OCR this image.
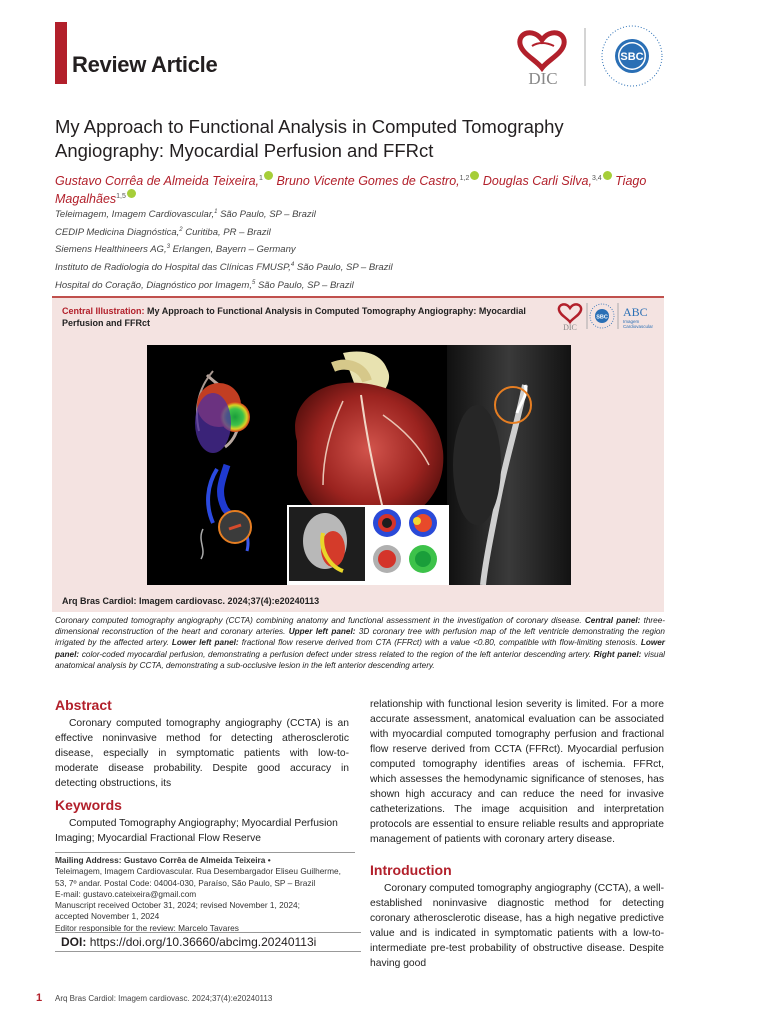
Review Article
DIC
SBC
My Approach to Functional Analysis in Computed Tomography Angiography: Myocardial Perfusion and FFRct
Gustavo Corrêa de Almeida Teixeira,$^1$ Bruno Vicente Gomes de Castro,$^{1,2}$ Douglas Carli Silva,$^{3,4}$ Tiago Magalhães$^{1,5}$
Teleimagem, Imagem Cardiovascular,$^1$ São Paulo, SP – Brazil
CEDIP Medicina Diagnóstica,$^2$ Curitiba, PR – Brazil
Siemens Healthineers AG,$^3$ Erlangen, Bayern – Germany
Instituto de Radiologia do Hospital das Clínicas FMUSP,$^4$ São Paulo, SP – Brazil
Hospital do Coração, Diagnóstico por Imagem,$^5$ São Paulo, SP – Brazil
Central Illustration: My Approach to Functional Analysis in Computed Tomography Angiography: Myocardial Perfusion and FFRct	DIC
SBC ABC
Imagem
Cardiovascular
Arq Bras Cardiol: Imagem cardiovasc. 2024;37(4):e20240113
Coronary computed tomography angiography (CCTA) combining anatomy and functional assessment in the investigation of coronary disease. Central panel: three-dimensional reconstruction of the heart and coronary arteries. Upper left panel: 3D coronary tree with perfusion map of the left ventricle demonstrating the region irrigated by the affected artery. Lower left panel: fractional flow reserve derived from CTA (FFRct) with a value <0.80, compatible with flow-limiting stenosis. Lower panel: color-coded myocardial perfusion, demonstrating a perfusion defect under stress related to the region of the left anterior descending artery. Right panel: visual anatomical analysis by CCTA, demonstrating a sub-occlusive lesion in the left anterior descending artery.
Abstract
Coronary computed tomography angiography (CCTA) is an effective noninvasive method for detecting atherosclerotic disease, especially in symptomatic patients with low-to-moderate disease probability. Despite good accuracy in detecting obstructions, its
Keywords
Computed Tomography Angiography; Myocardial Perfusion Imaging; Myocardial Fractional Flow Reserve
Mailing Address: Gustavo Corrêa de Almeida Teixeira •
Teleimagem, Imagem Cardiovascular. Rua Desembargador Eliseu Guilherme,
53, 7º andar. Postal Code: 04004-030, Paraíso, São Paulo, SP – Brazil
E-mail: gustavo.cateixeira@gmail.com
Manuscript received October 31, 2024; revised November 1, 2024;
accepted November 1, 2024
Editor responsible for the review: Marcelo Tavares
DOI: https://doi.org/10.36660/abcimg.20240113i
relationship with functional lesion severity is limited. For a more accurate assessment, anatomical evaluation can be associated with myocardial computed tomography perfusion and fractional flow reserve derived from CCTA (FFRct). Myocardial perfusion computed tomography identifies areas of ischemia. FFRct, which assesses the hemodynamic significance of stenoses, has shown high accuracy and can reduce the need for invasive catheterizations. The image acquisition and interpretation protocols are essential to ensure reliable results and appropriate management of patients with coronary artery disease.
Introduction
Coronary computed tomography angiography (CCTA), a well-established noninvasive diagnostic method for detecting coronary atherosclerotic disease, has a high negative predictive value and is indicated in symptomatic patients with a low-to-intermediate pre-test probability of obstructive disease. Despite having good
1 Arq Bras Cardiol: Imagem cardiovasc. 2024;37(4):e20240113
